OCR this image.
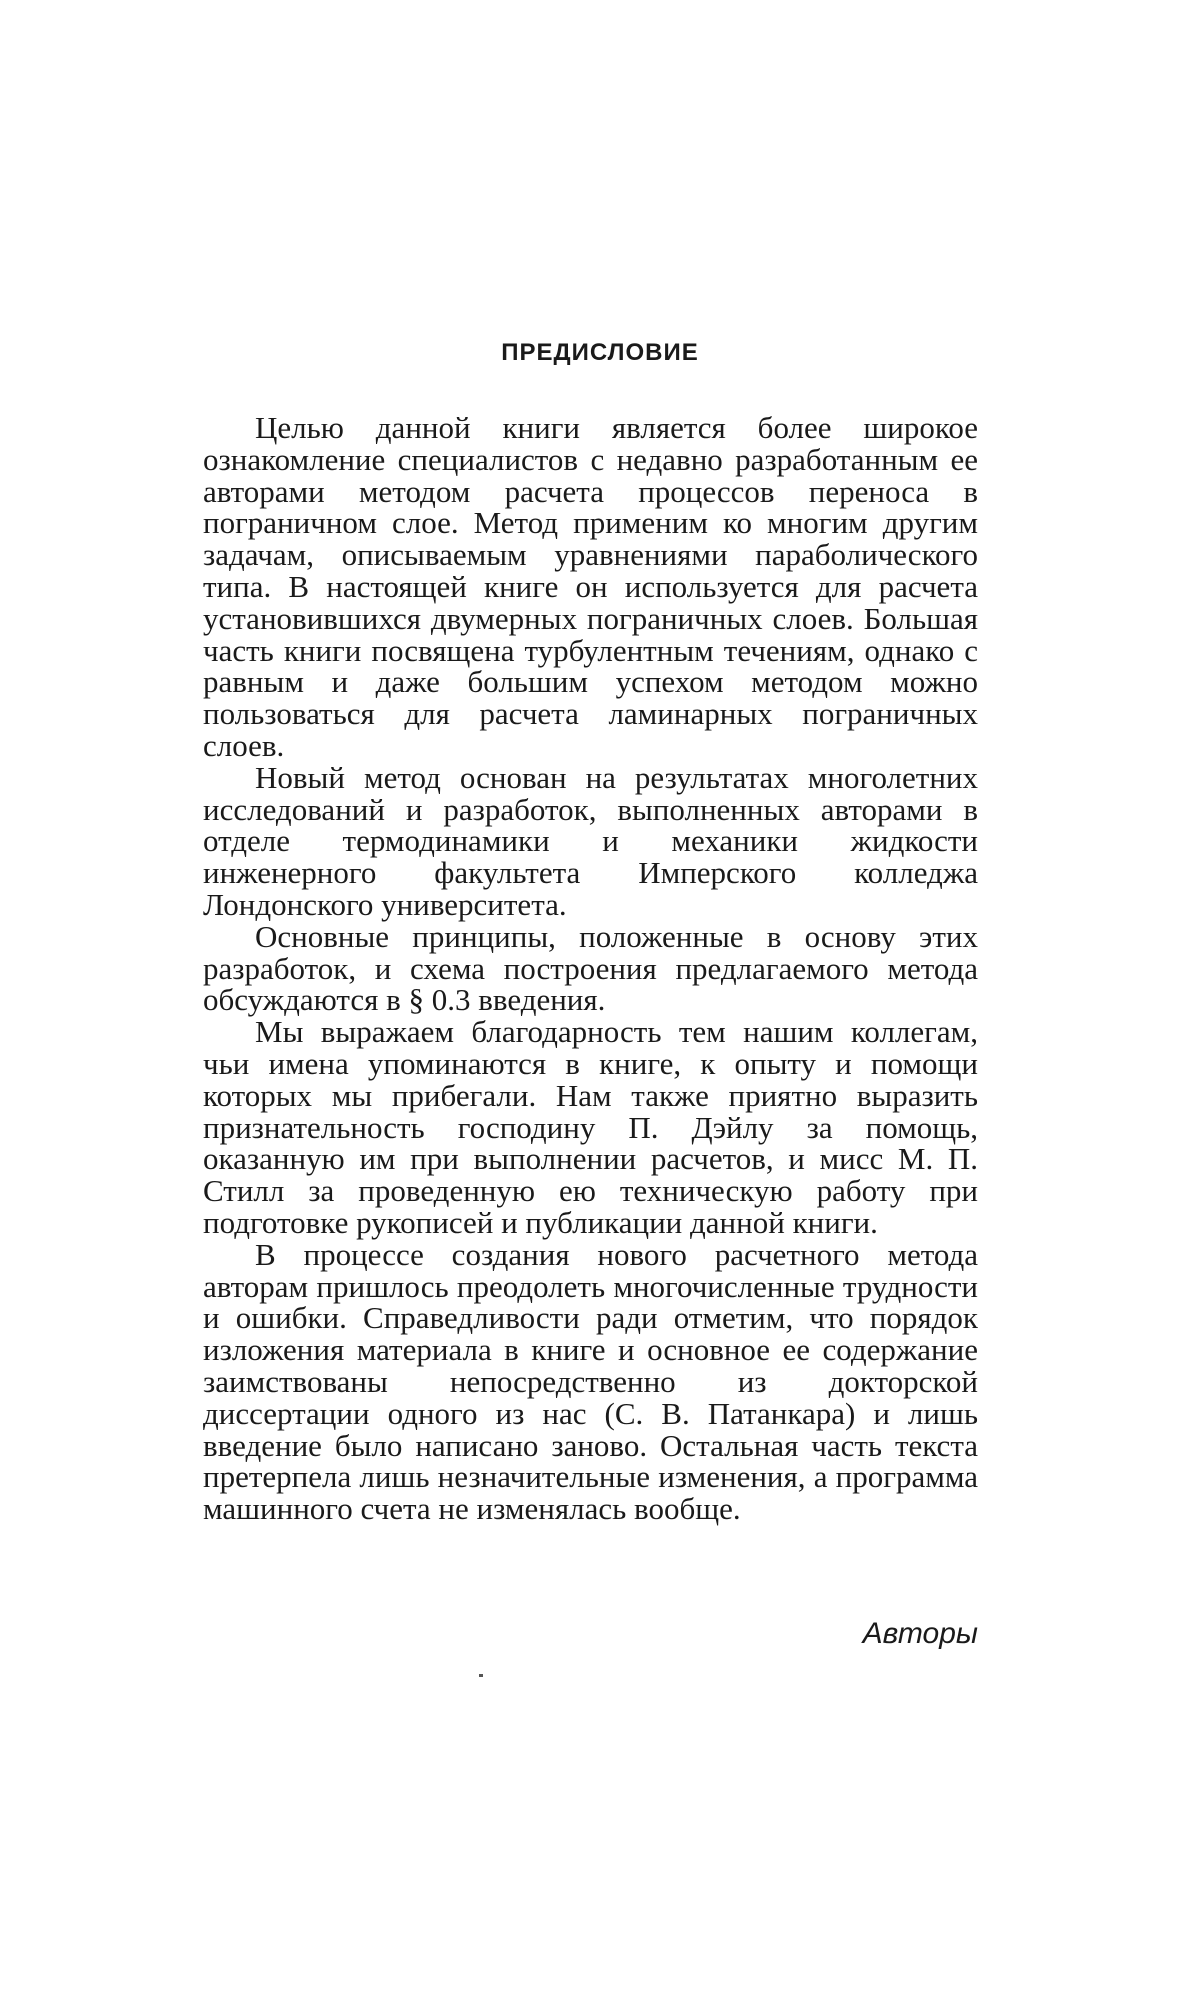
ПРЕДИСЛОВИЕ

Целью данной книги является более широкое ознакомление специалистов с недавно разработанным ее авторами методом расчета процессов переноса в пограничном слое. Метод применим ко многим другим задачам, описываемым уравнениями параболического типа. В настоящей книге он используется для расчета установившихся двумерных пограничных слоев. Большая часть книги посвящена турбулентным течениям, однако с равным и даже большим успехом методом можно пользоваться для расчета ламинарных пограничных слоев.

Новый метод основан на результатах многолетних исследований и разработок, выполненных авторами в отделе термодинамики и механики жидкости инженерного факультета Имперского колледжа Лондонского университета.

Основные принципы, положенные в основу этих разработок, и схема построения предлагаемого метода обсуждаются в § 0.3 введения.

Мы выражаем благодарность тем нашим коллегам, чьи имена упоминаются в книге, к опыту и помощи которых мы прибегали. Нам также приятно выразить признательность господину П. Дэйлу за помощь, оказанную им при выполнении расчетов, и мисс М. П. Стилл за проведенную ею техническую работу при подготовке рукописей и публикации данной книги.

В процессе создания нового расчетного метода авторам пришлось преодолеть многочисленные трудности и ошибки. Справедливости ради отметим, что порядок изложения материала в книге и основное ее содержание заимствованы непосредственно из докторской диссертации одного из нас (С. В. Патанкара) и лишь введение было написано заново. Остальная часть текста претерпела лишь незначительные изменения, а программа машинного счета не изменялась вообще.

Авторы
